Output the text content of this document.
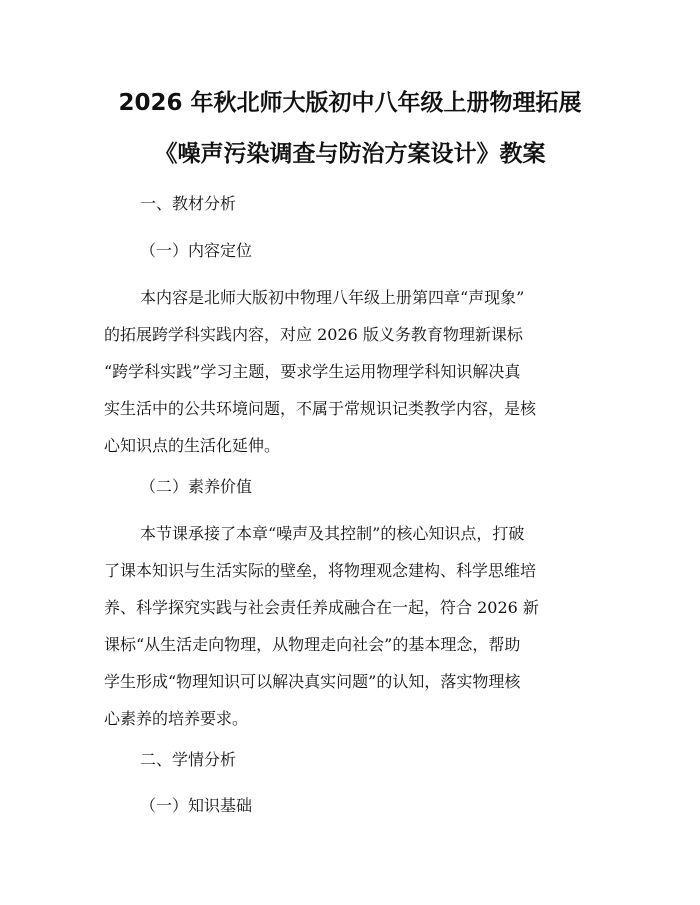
2026 年秋北师大版初中八年级上册物理拓展
《噪声污染调查与防治方案设计》教案
一、教材分析
（一）内容定位
本内容是北师大版初中物理八年级上册第四章“声现象”
的拓展跨学科实践内容，对应 2026 版义务教育物理新课标
“跨学科实践”学习主题，要求学生运用物理学科知识解决真
实生活中的公共环境问题，不属于常规识记类教学内容，是核
心知识点的生活化延伸。
（二）素养价值
本节课承接了本章“噪声及其控制”的核心知识点，打破
了课本知识与生活实际的壁垒，将物理观念建构、科学思维培
养、科学探究实践与社会责任养成融合在一起，符合 2026 新
课标“从生活走向物理，从物理走向社会”的基本理念，帮助
学生形成“物理知识可以解决真实问题”的认知，落实物理核
心素养的培养要求。
二、学情分析
（一）知识基础
